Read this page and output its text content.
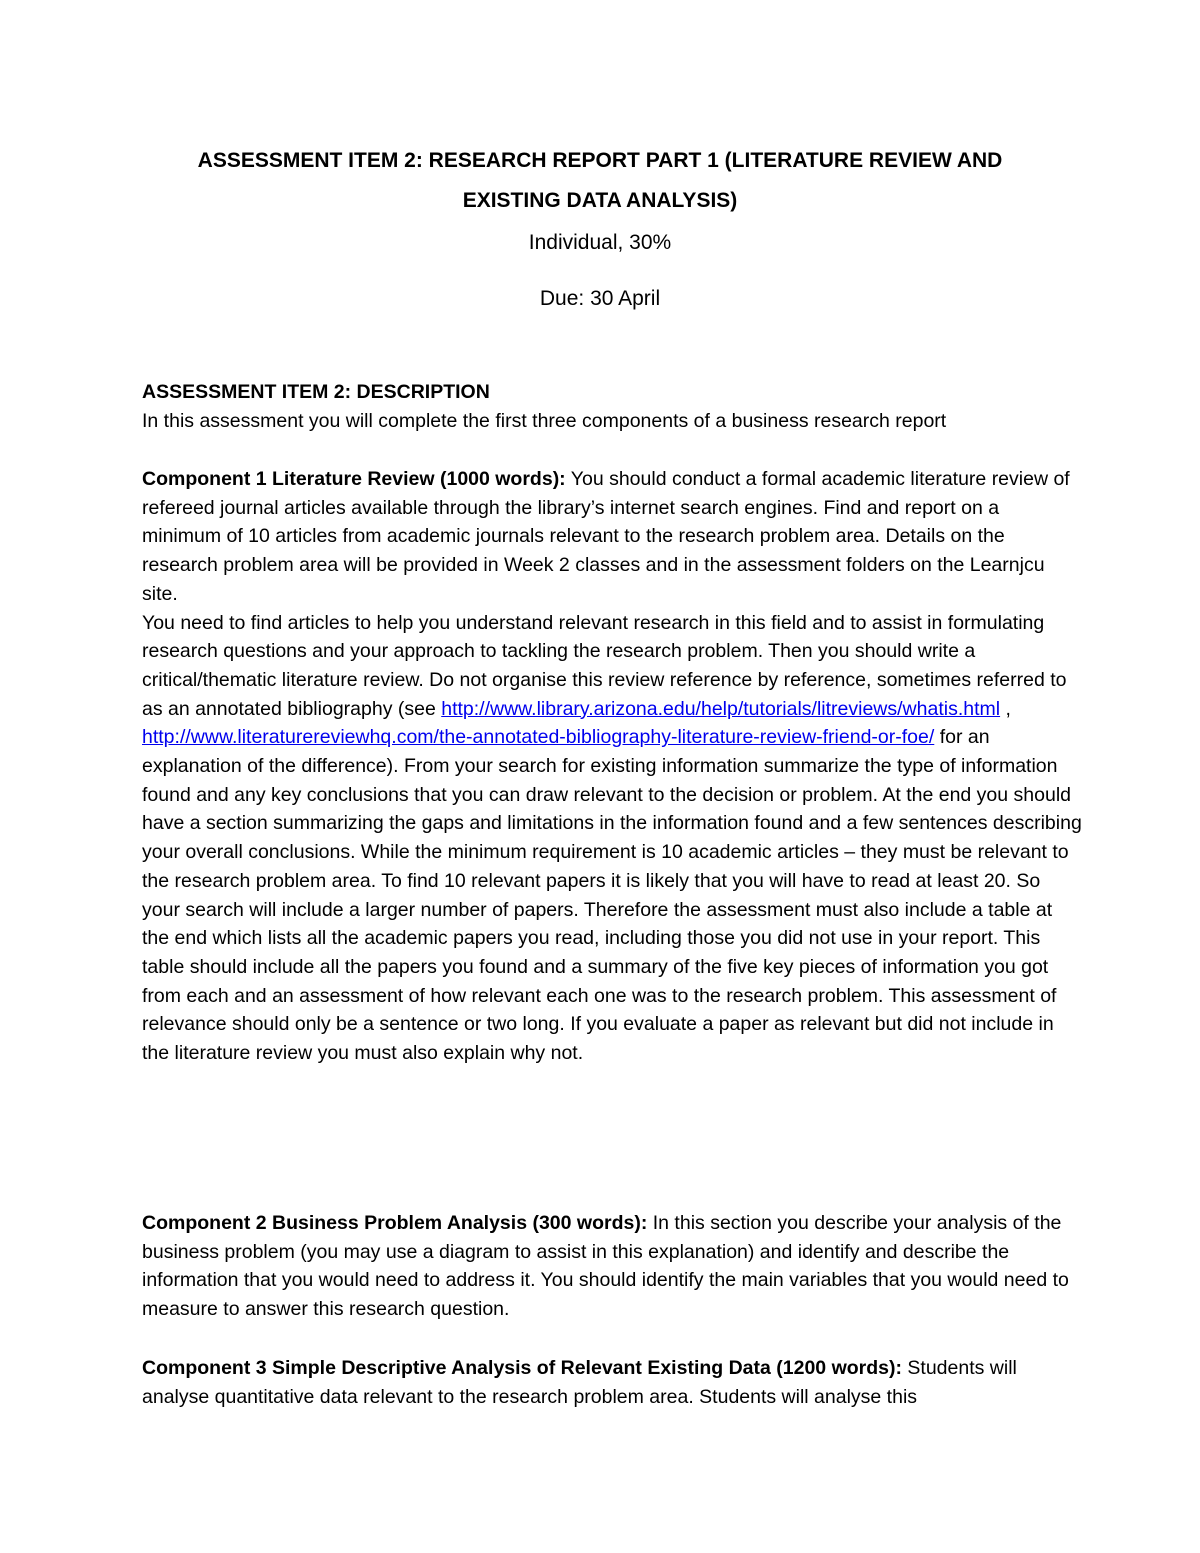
ASSESSMENT ITEM 2: RESEARCH REPORT PART 1 (LITERATURE REVIEW AND
EXISTING DATA ANALYSIS)

Individual, 30%

Due: 30 April

ASSESSMENT ITEM 2: DESCRIPTION
In this assessment you will complete the first three components of a business research report

Component 1 Literature Review (1000 words): You should conduct a formal academic literature review of refereed journal articles available through the library’s internet search engines. Find and report on a minimum of 10 articles from academic journals relevant to the research problem area. Details on the research problem area will be provided in Week 2 classes and in the assessment folders on the Learnjcu site.

You need to find articles to help you understand relevant research in this field and to assist in formulating research questions and your approach to tackling the research problem. Then you should write a critical/thematic literature review. Do not organise this review reference by reference, sometimes referred to as an annotated bibliography (see http://www.library.arizona.edu/help/tutorials/litreviews/whatis.html , http://www.literaturereviewhq.com/the-annotated-bibliography-literature-review-friend-or-foe/ for an explanation of the difference). From your search for existing information summarize the type of information found and any key conclusions that you can draw relevant to the decision or problem. At the end you should have a section summarizing the gaps and limitations in the information found and a few sentences describing your overall conclusions. While the minimum requirement is 10 academic articles – they must be relevant to the research problem area. To find 10 relevant papers it is likely that you will have to read at least 20. So your search will include a larger number of papers. Therefore the assessment must also include a table at the end which lists all the academic papers you read, including those you did not use in your report. This table should include all the papers you found and a summary of the five key pieces of information you got from each and an assessment of how relevant each one was to the research problem. This assessment of relevance should only be a sentence or two long. If you evaluate a paper as relevant but did not include in the literature review you must also explain why not.

Component 2 Business Problem Analysis (300 words): In this section you describe your analysis of the business problem (you may use a diagram to assist in this explanation) and identify and describe the information that you would need to address it. You should identify the main variables that you would need to measure to answer this research question.

Component 3 Simple Descriptive Analysis of Relevant Existing Data (1200 words): Students will analyse quantitative data relevant to the research problem area. Students will analyse this
